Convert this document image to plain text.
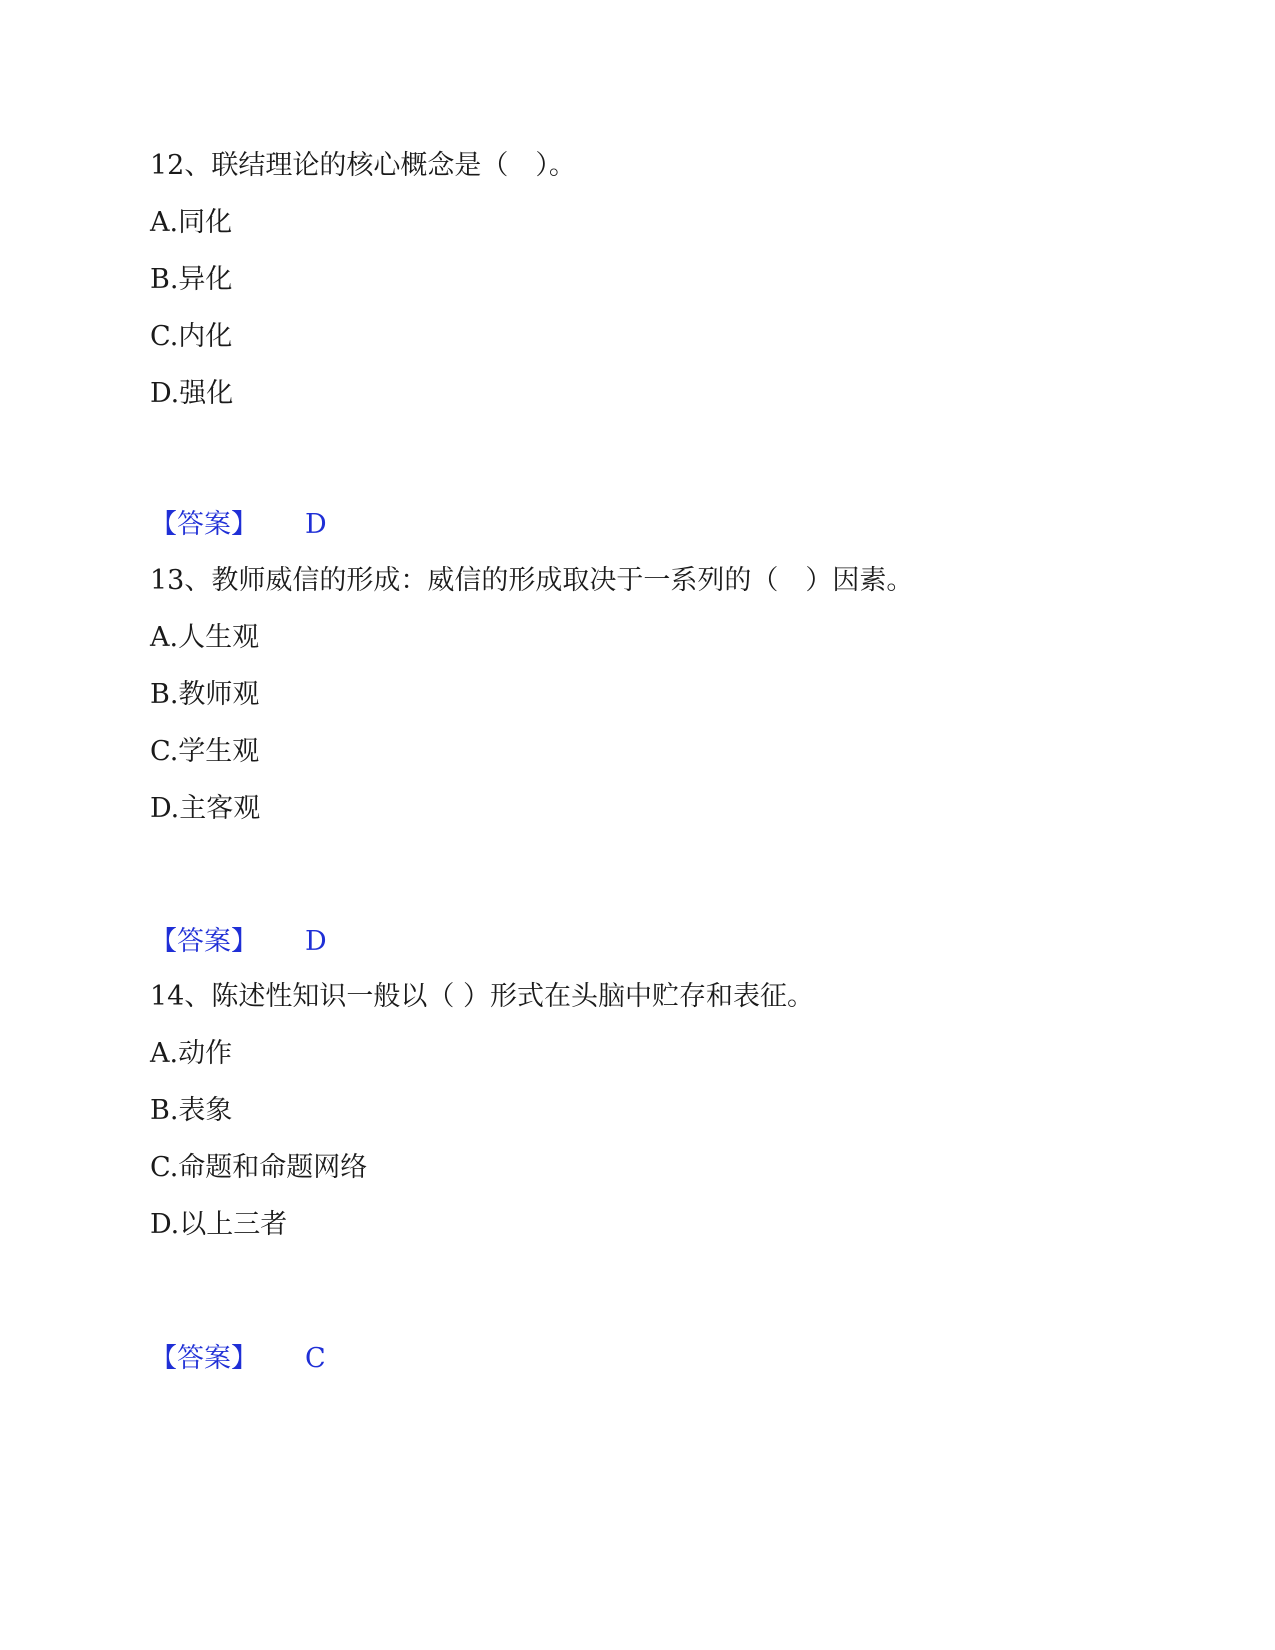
12、联结理论的核心概念是（　）。
A.同化
B.异化
C.内化
D.强化
【答案】 D
13、教师威信的形成：威信的形成取决于一系列的（　）因素。
A.人生观
B.教师观
C.学生观
D.主客观
【答案】 D
14、陈述性知识一般以（ ）形式在头脑中贮存和表征。
A.动作
B.表象
C.命题和命题网络
D.以上三者
【答案】 C
